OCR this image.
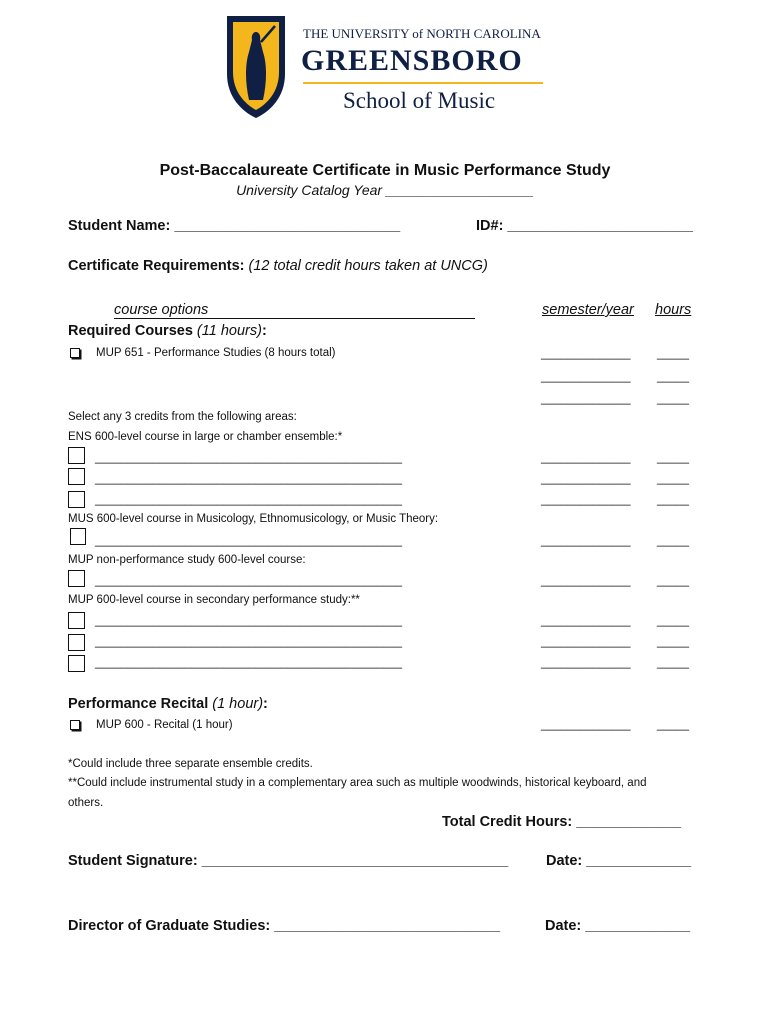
THE UNIVERSITY of NORTH CAROLINA
GREENSBORO
School of Music
Post-Baccalaureate Certificate in Music Performance Study
University Catalog Year ___________________
Student Name: ____________________________	ID#: _______________________
Certificate Requirements: (12 total credit hours taken at UNCG)
course options	semester/year hours
Required Courses (11 hours):
MUP 651 - Performance Studies (8 hours total)	______________ _____
______________ _____
______________ _____
Select any 3 credits from the following areas:
ENS 600-level course in large or chamber ensemble:*
________________________________________________	______________ _____
________________________________________________	______________ _____
________________________________________________	______________ _____
MUS 600-level course in Musicology, Ethnomusicology, or Music Theory:
________________________________________________	______________ _____
MUP non-performance study 600-level course:
________________________________________________	______________ _____
MUP 600-level course in secondary performance study:**
________________________________________________	______________ _____
________________________________________________	______________ _____
________________________________________________	______________ _____
Performance Recital (1 hour):
MUP 600 - Recital (1 hour)	______________ _____
*Could include three separate ensemble credits.
**Could include instrumental study in a complementary area such as multiple woodwinds, historical keyboard, and
others.
Total Credit Hours: _____________
Student Signature: ______________________________________	Date: _____________
Director of Graduate Studies: ____________________________	Date: _____________
